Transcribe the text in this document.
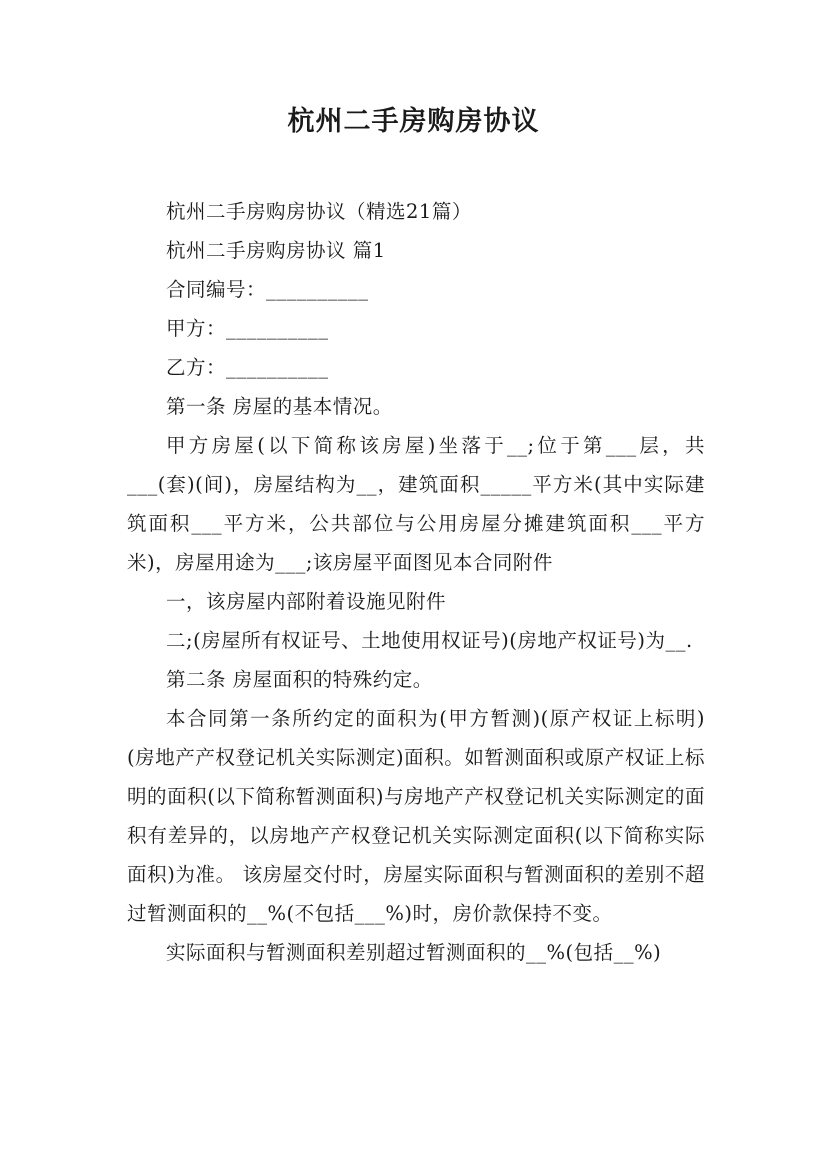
杭州二手房购房协议

杭州二手房购房协议（精选21篇）

杭州二手房购房协议 篇1

合同编号：__________

甲方：__________

乙方：__________

第一条 房屋的基本情况。

甲方房屋(以下简称该房屋)坐落于__;位于第___层，共___(套)(间)，房屋结构为__，建筑面积_____平方米(其中实际建筑面积___平方米，公共部位与公用房屋分摊建筑面积___平方米)，房屋用途为___;该房屋平面图见本合同附件

一，该房屋内部附着设施见附件

二;(房屋所有权证号、土地使用权证号)(房地产权证号)为__.

第二条 房屋面积的特殊约定。

本合同第一条所约定的面积为(甲方暂测)(原产权证上标明)(房地产产权登记机关实际测定)面积。如暂测面积或原产权证上标明的面积(以下简称暂测面积)与房地产产权登记机关实际测定的面积有差异的，以房地产产权登记机关实际测定面积(以下简称实际面积)为准。 该房屋交付时，房屋实际面积与暂测面积的差别不超过暂测面积的__%(不包括___%)时，房价款保持不变。

实际面积与暂测面积差别超过暂测面积的__%(包括__%)
